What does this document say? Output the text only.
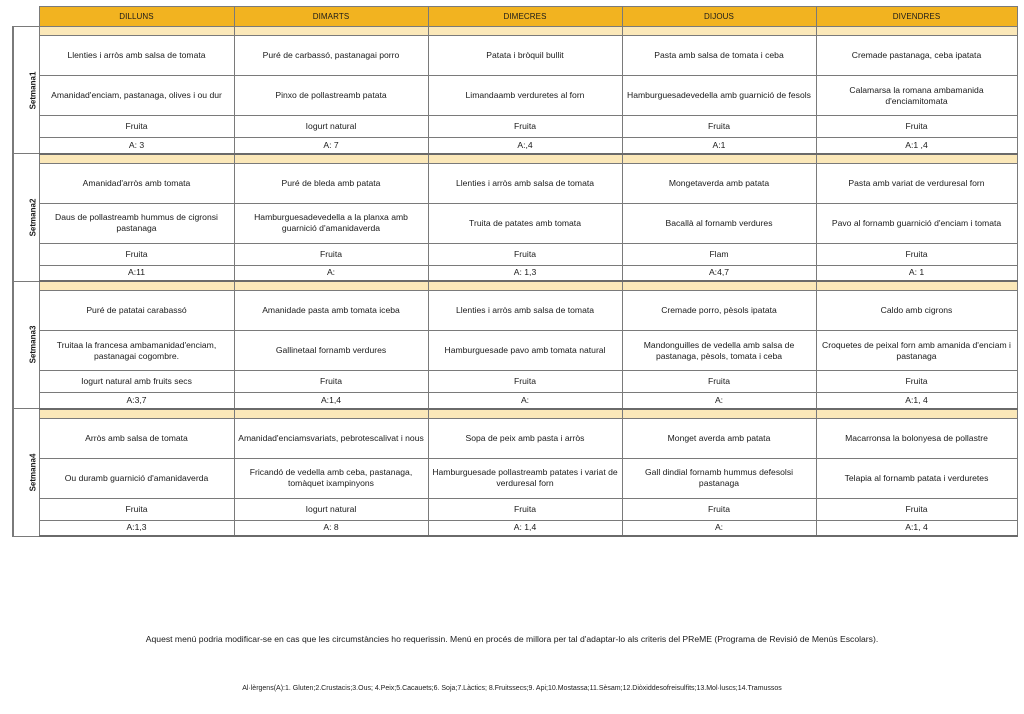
	DILLUNS	DIMARTS	DIMECRES	DIJOUS	DIVENDRES
Setmana1					
	Llenties i arròs amb salsa de tomata	Puré de carbassó, pastanagai porro	Patata i bròquil bullit	Pasta amb salsa de tomata i ceba	Cremade pastanaga, ceba ipatata
	Amanidad'enciam, pastanaga, olives i ou dur	Pinxo de pollastreamb patata	Limandaamb verduretes al forn	Hamburguesadevedella amb guarnició de fesols	Calamarsa la romana ambamanida d'enciamitomata
	Fruita	Iogurt natural	Fruita	Fruita	Fruita
	A: 3	A: 7	A:,4	A:1	A:1 ,4
Setmana2					
	Amanidad'arròs amb tomata	Puré de bleda amb patata	Llenties i arròs amb salsa de tomata	Mongetaverda amb patata	Pasta amb variat de verduresal forn
	Daus de pollastreamb hummus de cigronsi pastanaga	Hamburguesadevedella a la planxa amb guarnició d'amanidaverda	Truita de patates amb tomata	Bacallà al fornamb verdures	Pavo al fornamb guarnició d'enciam i tomata
	Fruita	Fruita	Fruita	Flam	Fruita
	A:11	A:	A: 1,3	A:4,7	A: 1
Setmana3					
	Puré de patatai carabassó	Amanidade pasta amb tomata iceba	Llenties i arròs amb salsa de tomata	Cremade porro, pèsols ipatata	Caldo amb cigrons
	Truitaa la francesa ambamanidad'enciam, pastanagai cogombre.	Gallinetaal fornamb verdures	Hamburguesade pavo amb tomata natural	Mandonguilles de vedella amb salsa de pastanaga, pèsols, tomata i ceba	Croquetes de peixal forn amb amanida d'enciam i pastanaga
	Iogurt natural amb fruits secs	Fruita	Fruita	Fruita	Fruita
	A:3,7	A:1,4	A:	A:	A:1, 4
Setmana4					
	Arròs amb salsa de tomata	Amanidad'enciamsvariats, pebrotescalivat i nous	Sopa de peix amb pasta i arròs	Monget averda amb patata	Macarronsa la bolonyesa de pollastre
	Ou duramb guarnició d'amanidaverda	Fricandó de vedella amb ceba, pastanaga, tomàquet ixampinyons	Hamburguesade pollastreamb patates i variat de verduresal forn	Gall dindial fornamb hummus defesolsi pastanaga	Telapia al fornamb patata i verduretes
	Fruita	Iogurt natural	Fruita	Fruita	Fruita
	A:1,3	A: 8	A: 1,4	A:	A:1, 4
Aquest menú podria modificar-se en cas que les circumstàncies ho requerissin. Menú en procés de millora per tal d'adaptar-lo als criteris del PReME (Programa de Revisió de Menús Escolars).
Al·lèrgens(A):1. Gluten;2.Crustacis;3.Ous; 4.Peix;5.Cacauets;6. Soja;7.Làctics; 8.Fruitssecs;9. Api;10.Mostassa;11.Sèsam;12.Diòxiddesofreisulfits;13.Mol·luscs;14.Tramussos
